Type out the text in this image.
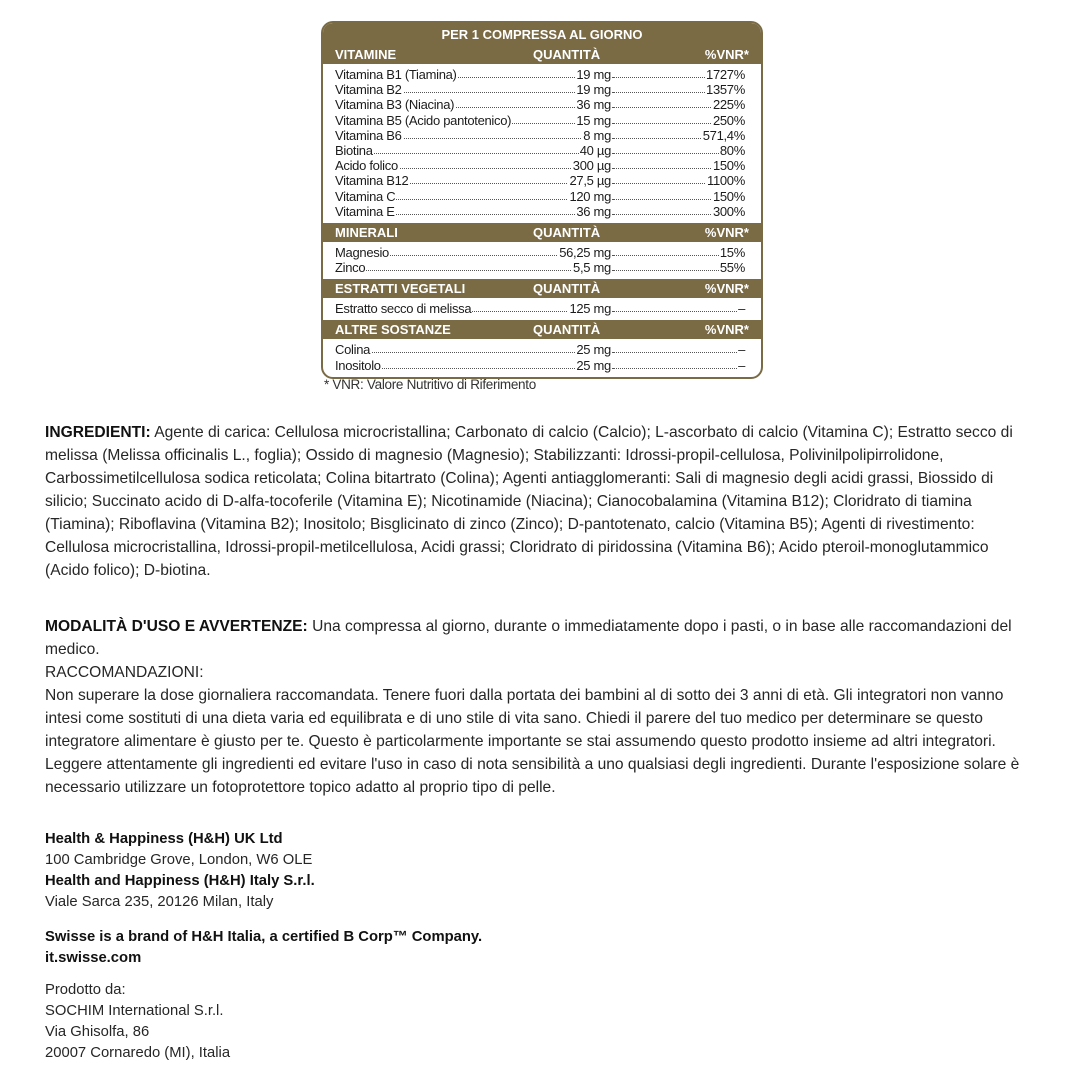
PER 1 COMPRESSA AL GIORNO
VITAMINE	QUANTITÀ	%VNR*
Vitamina B1 (Tiamina)	19 mg	1727%
Vitamina B2	19 mg	1357%
Vitamina B3 (Niacina)	36 mg	225%
Vitamina B5 (Acido pantotenico)	15 mg	250%
Vitamina B6	8 mg	571,4%
Biotina	40 µg	80%
Acido folico	300 µg	150%
Vitamina B12	27,5 µg	1100%
Vitamina C	120 mg	150%
Vitamina E	36 mg	300%
MINERALI	QUANTITÀ	%VNR*
Magnesio	56,25 mg	15%
Zinco	5,5 mg	55%
ESTRATTI VEGETALI	QUANTITÀ	%VNR*
Estratto secco di melissa	125 mg	–
ALTRE SOSTANZE	QUANTITÀ	%VNR*
Colina	25 mg	–
Inositolo	25 mg	–
* VNR: Valore Nutritivo di Riferimento
INGREDIENTI: Agente di carica: Cellulosa microcristallina; Carbonato di calcio (Calcio); L-ascorbato di calcio (Vitamina C); Estratto secco di melissa (Melissa officinalis L., foglia); Ossido di magnesio (Magnesio); Stabilizzanti: Idrossi-propil-cellulosa, Polivinilpolipirrolidone, Carbossimetilcellulosa sodica reticolata; Colina bitartrato (Colina); Agenti antiagglomeranti: Sali di magnesio degli acidi grassi, Biossido di silicio; Succinato acido di D-alfa-tocoferile (Vitamina E); Nicotinamide (Niacina); Cianocobalamina (Vitamina B12); Cloridrato di tiamina (Tiamina); Riboflavina (Vitamina B2); Inositolo; Bisglicinato di zinco (Zinco); D-pantotenato, calcio (Vitamina B5); Agenti di rivestimento: Cellulosa microcristallina, Idrossi-propil-metilcellulosa, Acidi grassi; Cloridrato di piridossina (Vitamina B6); Acido pteroil-monoglutammico (Acido folico); D-biotina.
MODALITÀ D'USO E AVVERTENZE: Una compressa al giorno, durante o immediatamente dopo i pasti, o in base alle raccomandazioni del medico.
RACCOMANDAZIONI:
Non superare la dose giornaliera raccomandata. Tenere fuori dalla portata dei bambini al di sotto dei 3 anni di età. Gli integratori non vanno intesi come sostituti di una dieta varia ed equilibrata e di uno stile di vita sano. Chiedi il parere del tuo medico per determinare se questo integratore alimentare è giusto per te. Questo è particolarmente importante se stai assumendo questo prodotto insieme ad altri integratori. Leggere attentamente gli ingredienti ed evitare l'uso in caso di nota sensibilità a uno qualsiasi degli ingredienti. Durante l'esposizione solare è necessario utilizzare un fotoprotettore topico adatto al proprio tipo di pelle.
Health & Happiness (H&H) UK Ltd
100 Cambridge Grove, London, W6 OLE
Health and Happiness (H&H) Italy S.r.l.
Viale Sarca 235, 20126 Milan, Italy
Swisse is a brand of H&H Italia, a certified B Corp™ Company.
it.swisse.com
Prodotto da:
SOCHIM International S.r.l.
Via Ghisolfa, 86
20007 Cornaredo (MI), Italia
